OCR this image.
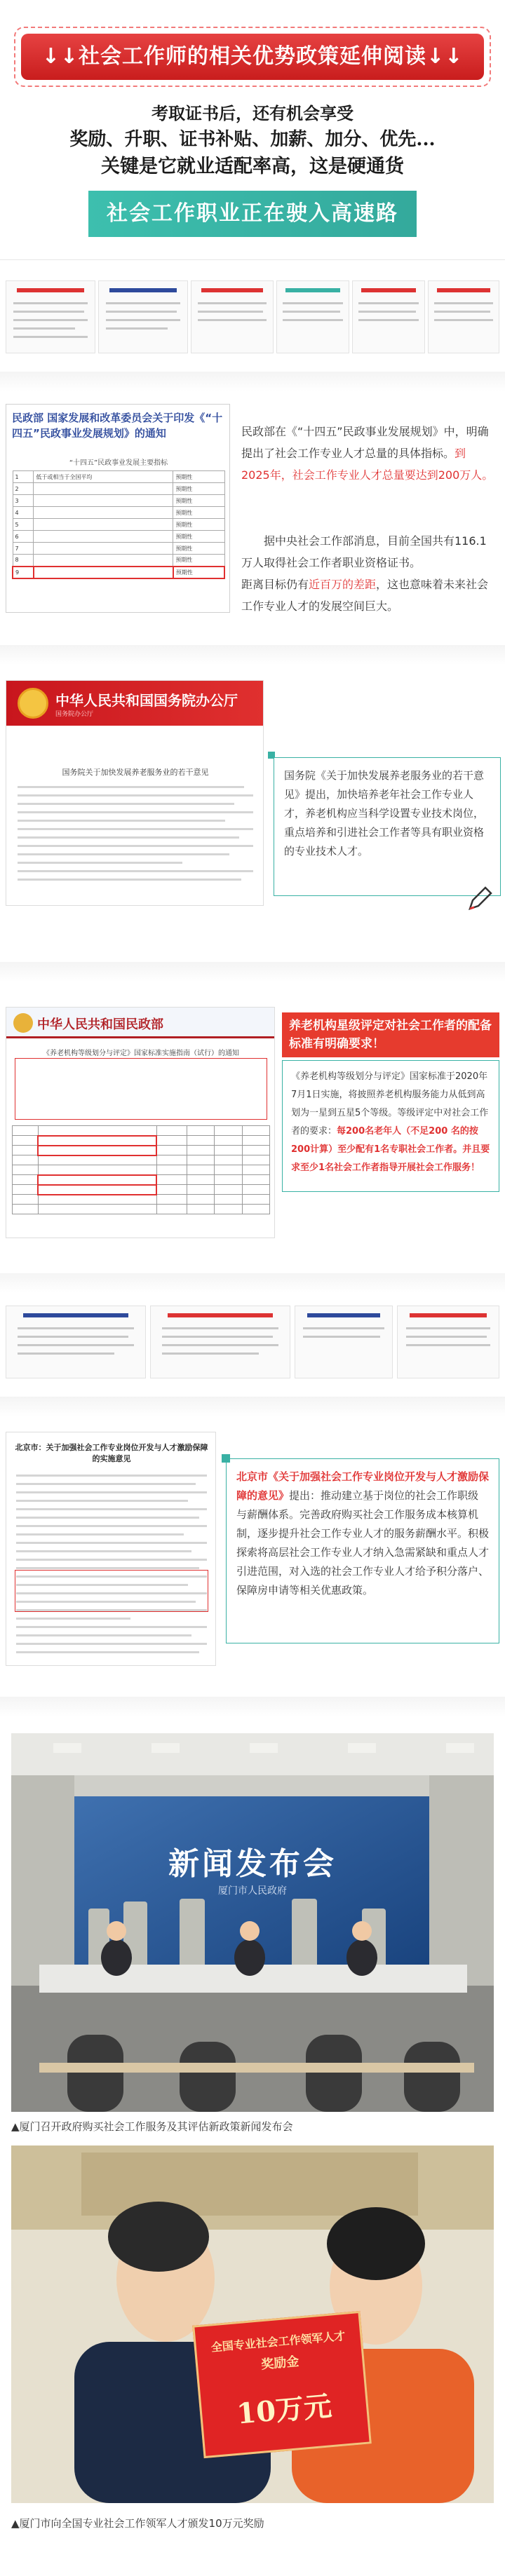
↓↓社会工作师的相关优势政策延伸阅读↓↓
考取证书后，还有机会享受
奖励、升职、证书补贴、加薪、加分、优先...
关键是它就业适配率高，这是硬通货
社会工作职业正在驶入高速路
民政部 国家发展和改革委员会关于印发《“十四五”民政事业发展规划》的通知
“十四五”民政事业发展主要指标
1	低于或相当于全国平均	预期性
2		预期性
3		预期性
4		预期性
5		预期性
6		预期性
7		预期性
8		预期性
9		预期性
民政部在《“十四五”民政事业发展规划》中，明确提出了社会工作专业人才总量的具体指标。到2025年，社会工作专业人才总量要达到200万人。
据中央社会工作部消息，目前全国共有116.1万人取得社会工作者职业资格证书。
距离目标仍有近百万的差距，这也意味着未来社会工作专业人才的发展空间巨大。
中华人民共和国国务院办公厅
国务院办公厅
国务院关于加快发展养老服务业的若干意见	国务院《关于加快发展养老服务业的若干意见》提出，加快培养老年社会工作专业人才，养老机构应当科学设置专业技术岗位，重点培养和引进社会工作者等具有职业资格的专业技术人才。
中华人民共和国民政部
《养老机构等级划分与评定》国家标准实施指南（试行）的通知

养老机构星级评定对社会工作者的配备标准有明确要求！
《养老机构等级划分与评定》国家标准于2020年7月1日实施，将披照养老机构服务能力从低到高划为一星到五星5个等级。等级评定中对社会工作者的要求：每200名老年人（不足200 名的按200计算）至少配有1名专职社会工作者。并且要求至少1名社会工作者指导开展社会工作服务！
北京市：关于加强社会工作专业岗位开发与人才激励保障的实施意见
北京市《关于加强社会工作专业岗位开发与人才激励保障的意见》提出：推动建立基于岗位的社会工作职级与薪酬体系。完善政府购买社会工作服务成本核算机制，逐步提升社会工作专业人才的服务薪酬水平。积极探索将高层社会工作专业人才纳入急需紧缺和重点人才引进范围，对入选的社会工作专业人才给予积分落户、保障房申请等相关优惠政策。
新闻发布会
厦门市人民政府
▲厦门召开政府购买社会工作服务及其评估新政策新闻发布会
全国专业社会工作领军人才
奖励金
10万元
▲厦门市向全国专业社会工作领军人才颁发10万元奖励
